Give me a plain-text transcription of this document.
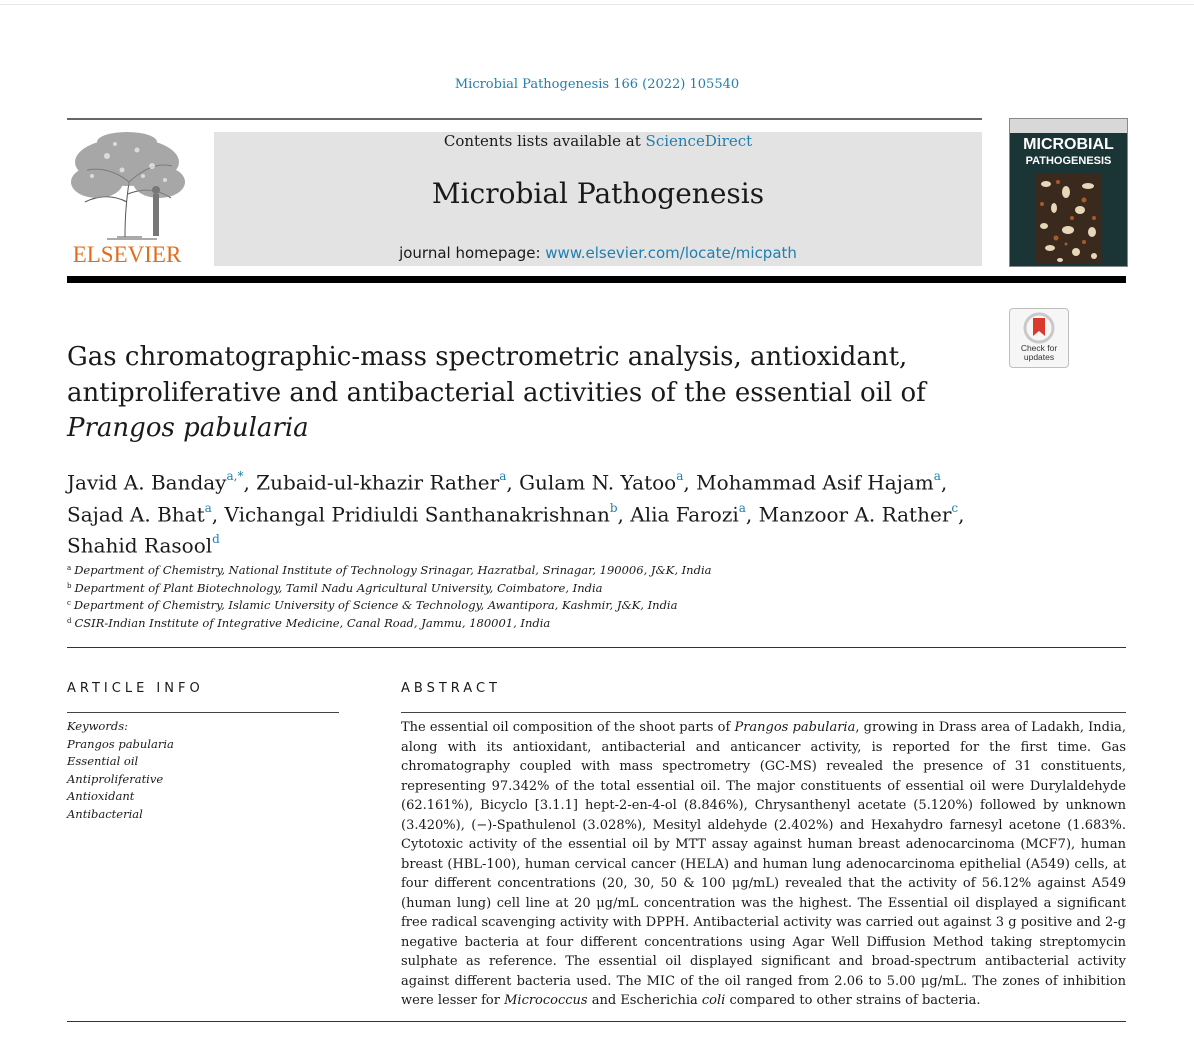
Microbial Pathogenesis 166 (2022) 105540
ELSEVIER
Contents lists available at ScienceDirect
Microbial Pathogenesis
journal homepage: www.elsevier.com/locate/micpath
MICROBIAL
PATHOGENESIS
Check for
updates
Gas chromatographic-mass spectrometric analysis, antioxidant,
antiproliferative and antibacterial activities of the essential oil of
Prangos pabularia
Javid A. Banday$^{a,*}$, Zubaid-ul-khazir Rather$^a$, Gulam N. Yatoo$^a$, Mohammad Asif Hajam$^a$,
Sajad A. Bhat$^a$, Vichangal Pridiuldi Santhanakrishnan$^b$, Alia Farozi$^a$, Manzoor A. Rather$^c$,
Shahid Rasool$^d$
$^a$ Department of Chemistry, National Institute of Technology Srinagar, Hazratbal, Srinagar, 190006, J&K, India
$^b$ Department of Plant Biotechnology, Tamil Nadu Agricultural University, Coimbatore, India
$^c$ Department of Chemistry, Islamic University of Science & Technology, Awantipora, Kashmir, J&K, India
$^d$ CSIR-Indian Institute of Integrative Medicine, Canal Road, Jammu, 180001, India
ARTICLE INFO
Keywords:
Prangos pabularia
Essential oil
Antiproliferative
Antioxidant
Antibacterial
ABSTRACT
The essential oil composition of the shoot parts of Prangos pabularia, growing in Drass area of Ladakh, India, along with its antioxidant, antibacterial and anticancer activity, is reported for the first time. Gas chromatography coupled with mass spectrometry (GC-MS) revealed the presence of 31 constituents, representing 97.342% of the total essential oil. The major constituents of essential oil were Durylaldehyde (62.161%), Bicyclo [3.1.1] hept-2-en-4-ol (8.846%), Chrysanthenyl acetate (5.120%) followed by unknown (3.420%), (−)-Spathulenol (3.028%), Mesityl aldehyde (2.402%) and Hexahydro farnesyl acetone (1.683%. Cytotoxic activity of the essential oil by MTT assay against human breast adenocarcinoma (MCF7), human breast (HBL-100), human cervical cancer (HELA) and human lung adenocarcinoma epithelial (A549) cells, at four different concentrations (20, 30, 50 & 100 μg/mL) revealed that the activity of 56.12% against A549 (human lung) cell line at 20 μg/mL concentration was the highest. The Essential oil displayed a significant free radical scavenging activity with DPPH. Antibacterial activity was carried out against 3 g positive and 2-g negative bacteria at four different concentrations using Agar Well Diffusion Method taking streptomycin sulphate as reference. The essential oil displayed significant and broad-spectrum antibacterial activity against different bacteria used. The MIC of the oil ranged from 2.06 to 5.00 μg/mL. The zones of inhibition were lesser for Micrococcus and Escherichia coli compared to other strains of bacteria.
